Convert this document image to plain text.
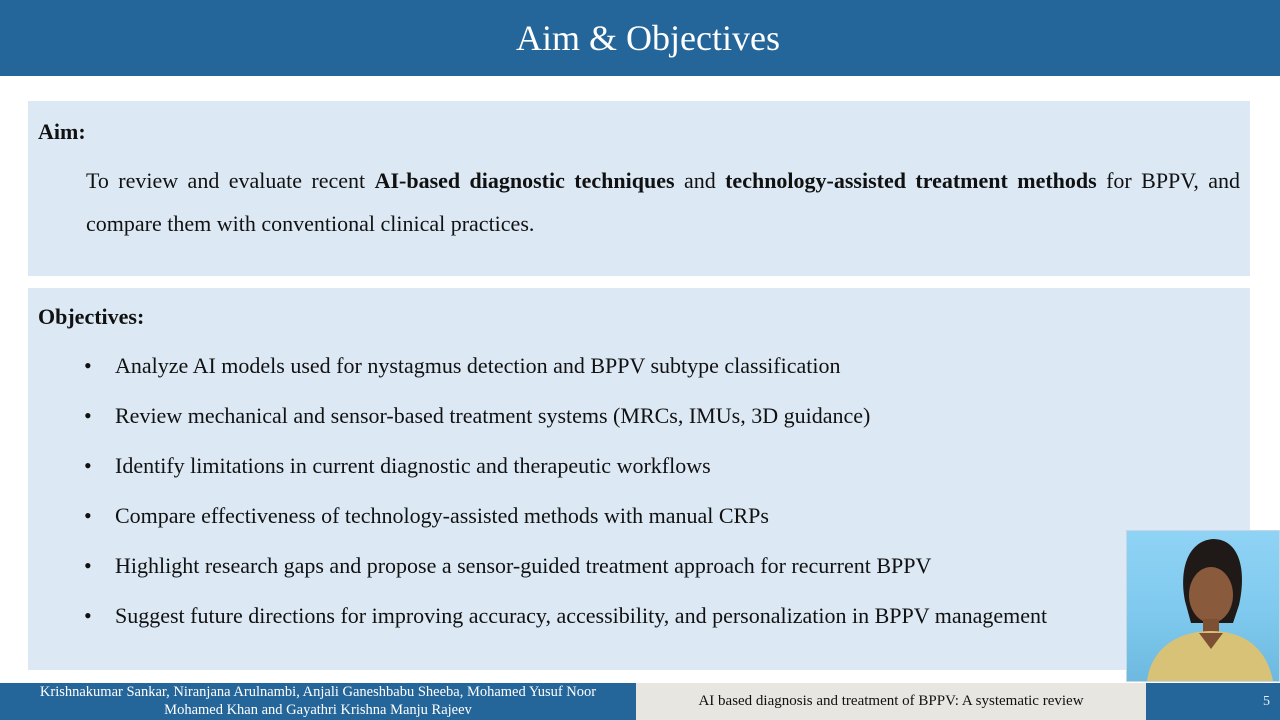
Aim & Objectives
Aim:
To review and evaluate recent AI-based diagnostic techniques and technology-assisted treatment methods for BPPV, and compare them with conventional clinical practices.
Objectives:
• Analyze AI models used for nystagmus detection and BPPV subtype classification
• Review mechanical and sensor-based treatment systems (MRCs, IMUs, 3D guidance)
• Identify limitations in current diagnostic and therapeutic workflows
• Compare effectiveness of technology-assisted methods with manual CRPs
• Highlight research gaps and propose a sensor-guided treatment approach for recurrent BPPV
• Suggest future directions for improving accuracy, accessibility, and personalization in BPPV management
Krishnakumar Sankar, Niranjana Arulnambi, Anjali Ganeshbabu Sheeba, Mohamed Yusuf Noor
Mohamed Khan and Gayathri Krishna Manju Rajeev
AI based diagnosis and treatment of BPPV: A systematic review	5
